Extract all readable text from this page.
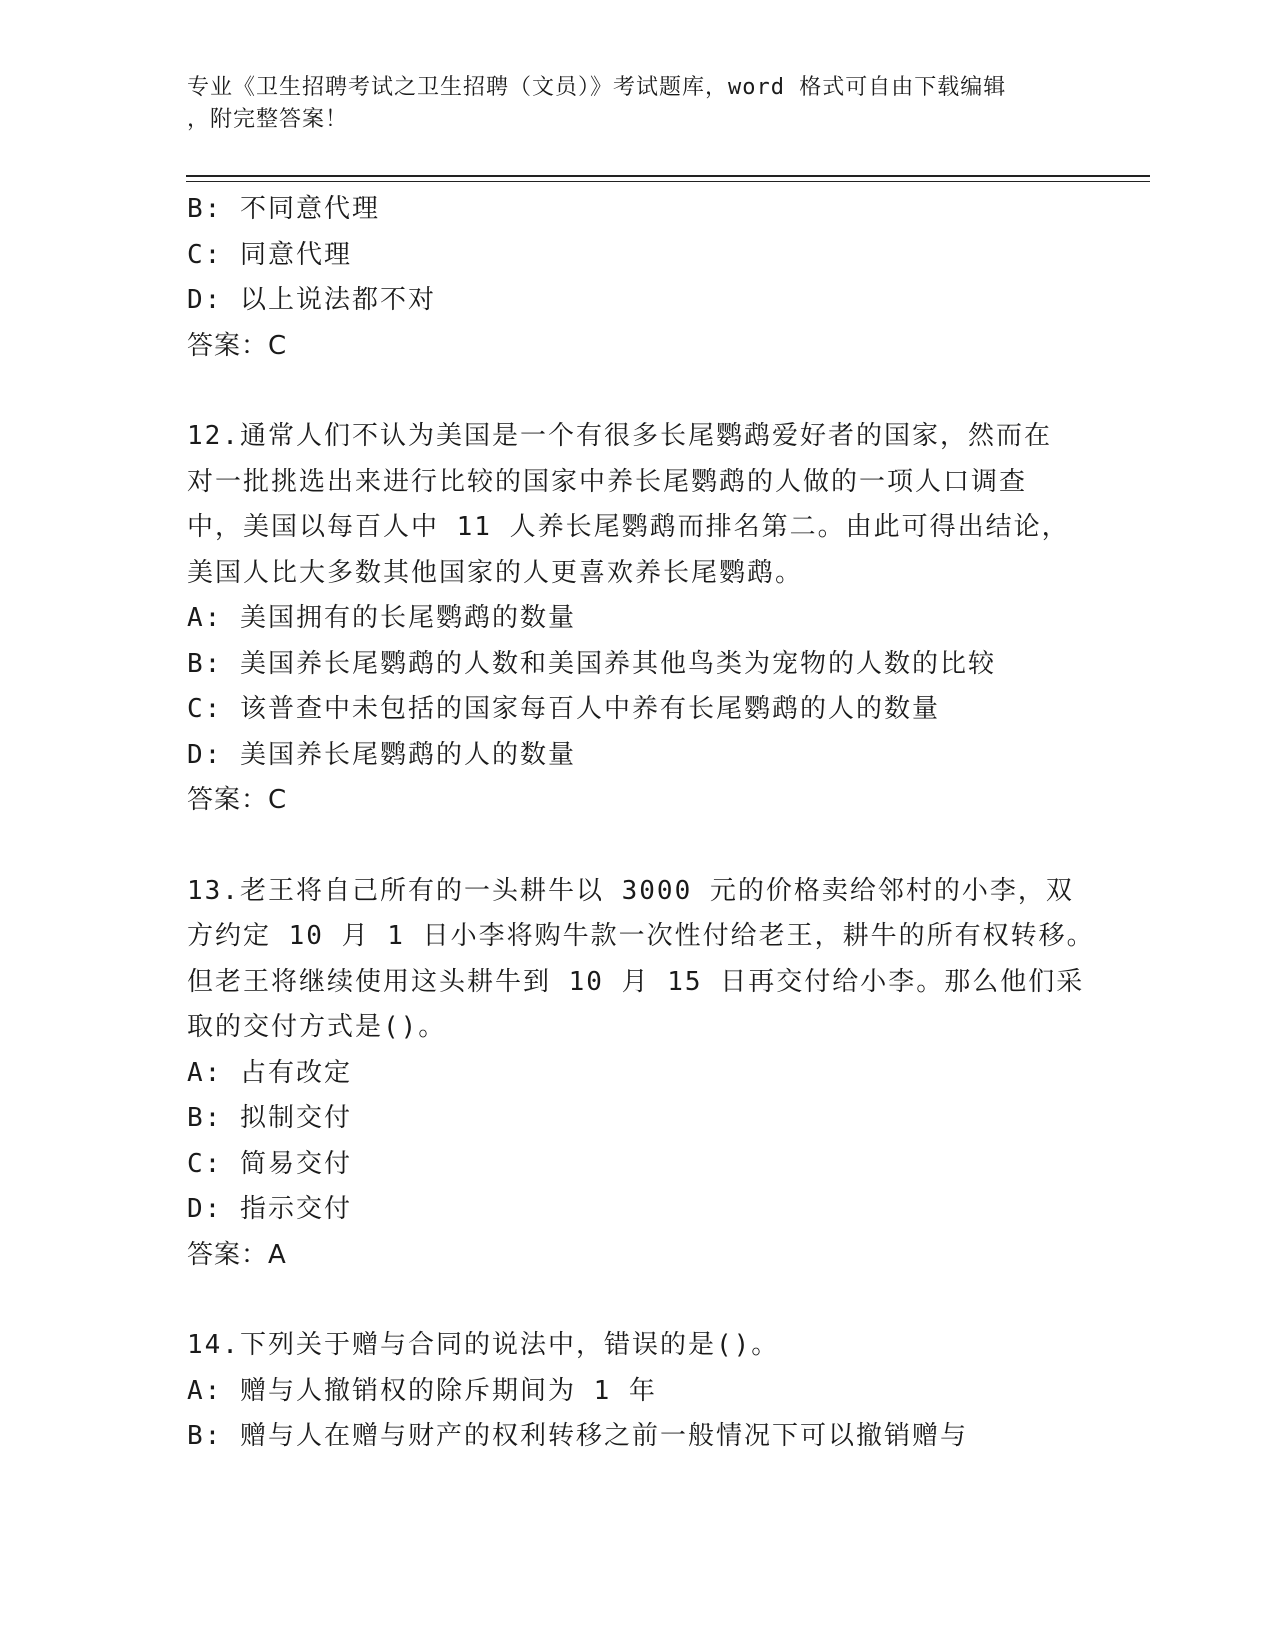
专业《卫生招聘考试之卫生招聘（文员）》考试题库，word 格式可自由下载编辑
，附完整答案！
B: 不同意代理
C: 同意代理
D: 以上说法都不对
答案：C
12.通常人们不认为美国是一个有很多长尾鹦鹉爱好者的国家，然而在
对一批挑选出来进行比较的国家中养长尾鹦鹉的人做的一项人口调查
中，美国以每百人中 11 人养长尾鹦鹉而排名第二。由此可得出结论，
美国人比大多数其他国家的人更喜欢养长尾鹦鹉。
A: 美国拥有的长尾鹦鹉的数量
B: 美国养长尾鹦鹉的人数和美国养其他鸟类为宠物的人数的比较
C: 该普查中未包括的国家每百人中养有长尾鹦鹉的人的数量
D: 美国养长尾鹦鹉的人的数量
答案：C
13.老王将自己所有的一头耕牛以 3000 元的价格卖给邻村的小李，双
方约定 10 月 1 日小李将购牛款一次性付给老王，耕牛的所有权转移。
但老王将继续使用这头耕牛到 10 月 15 日再交付给小李。那么他们采
取的交付方式是()。
A: 占有改定
B: 拟制交付
C: 简易交付
D: 指示交付
答案：A
14.下列关于赠与合同的说法中，错误的是()。
A: 赠与人撤销权的除斥期间为 1 年
B: 赠与人在赠与财产的权利转移之前一般情况下可以撤销赠与
